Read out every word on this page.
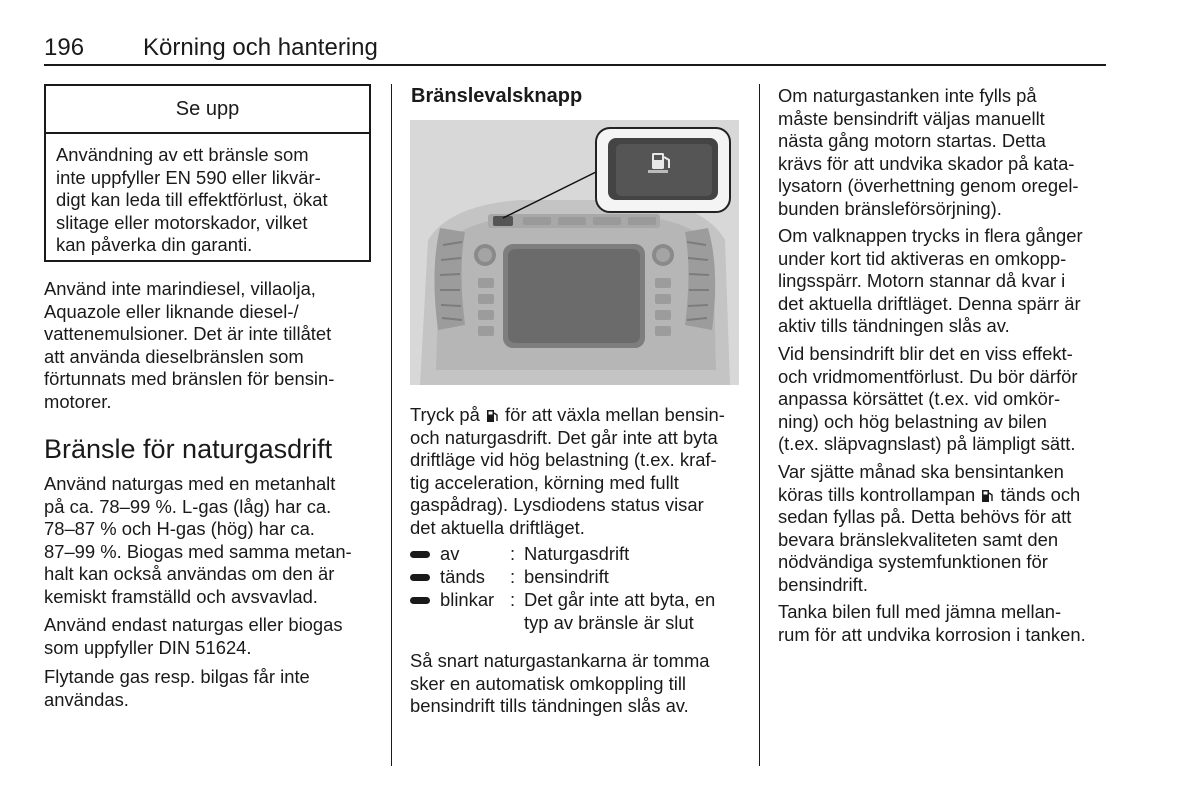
196 Körning och hantering
Se upp
Användning av ett bränsle som
inte uppfyller EN 590 eller likvär-
digt kan leda till effektförlust, ökat
slitage eller motorskador, vilket
kan påverka din garanti.

Använd inte marindiesel, villaolja,
Aquazole eller liknande diesel-/
vattenemulsioner. Det är inte tillåtet
att använda dieselbränslen som
förtunnats med bränslen för bensin-
motorer.

Bränsle för naturgasdrift

Använd naturgas med en metanhalt
på ca. 78–99 %. L-gas (låg) har ca.
78–87 % och H-gas (hög) har ca.
87–99 %. Biogas med samma metan-
halt kan också användas om den är
kemiskt framställd och avsvavlad.

Använd endast naturgas eller biogas
som uppfyller DIN 51624.

Flytande gas resp. bilgas får inte
användas.

Bränslevalsknapp

Tryck på  för att växla mellan bensin-
och naturgasdrift. Det går inte att byta
driftläge vid hög belastning (t.ex. kraf-
tig acceleration, körning med fullt
gaspådrag). Lysdiodens status visar
det aktuella driftläget.

av	: Naturgasdrift
tänds : bensindrift
blinkar : Det går inte att byta, en
typ av bränsle är slut

Så snart naturgastankarna är tomma
sker en automatisk omkoppling till
bensindrift tills tändningen slås av.

Om naturgastanken inte fylls på
måste bensindrift väljas manuellt
nästa gång motorn startas. Detta
krävs för att undvika skador på kata-
lysatorn (överhettning genom oregel-
bunden bränsleförsörjning).

Om valknappen trycks in flera gånger
under kort tid aktiveras en omkopp-
lingsspärr. Motorn stannar då kvar i
det aktuella driftläget. Denna spärr är
aktiv tills tändningen slås av.

Vid bensindrift blir det en viss effekt-
och vridmomentförlust. Du bör därför
anpassa körsättet (t.ex. vid omkör-
ning) och hög belastning av bilen
(t.ex. släpvagnslast) på lämpligt sätt.

Var sjätte månad ska bensintanken
köras tills kontrollampan  tänds och
sedan fyllas på. Detta behövs för att
bevara bränslekvaliteten samt den
nödvändiga systemfunktionen för
bensindrift.

Tanka bilen full med jämna mellan-
rum för att undvika korrosion i tanken.
